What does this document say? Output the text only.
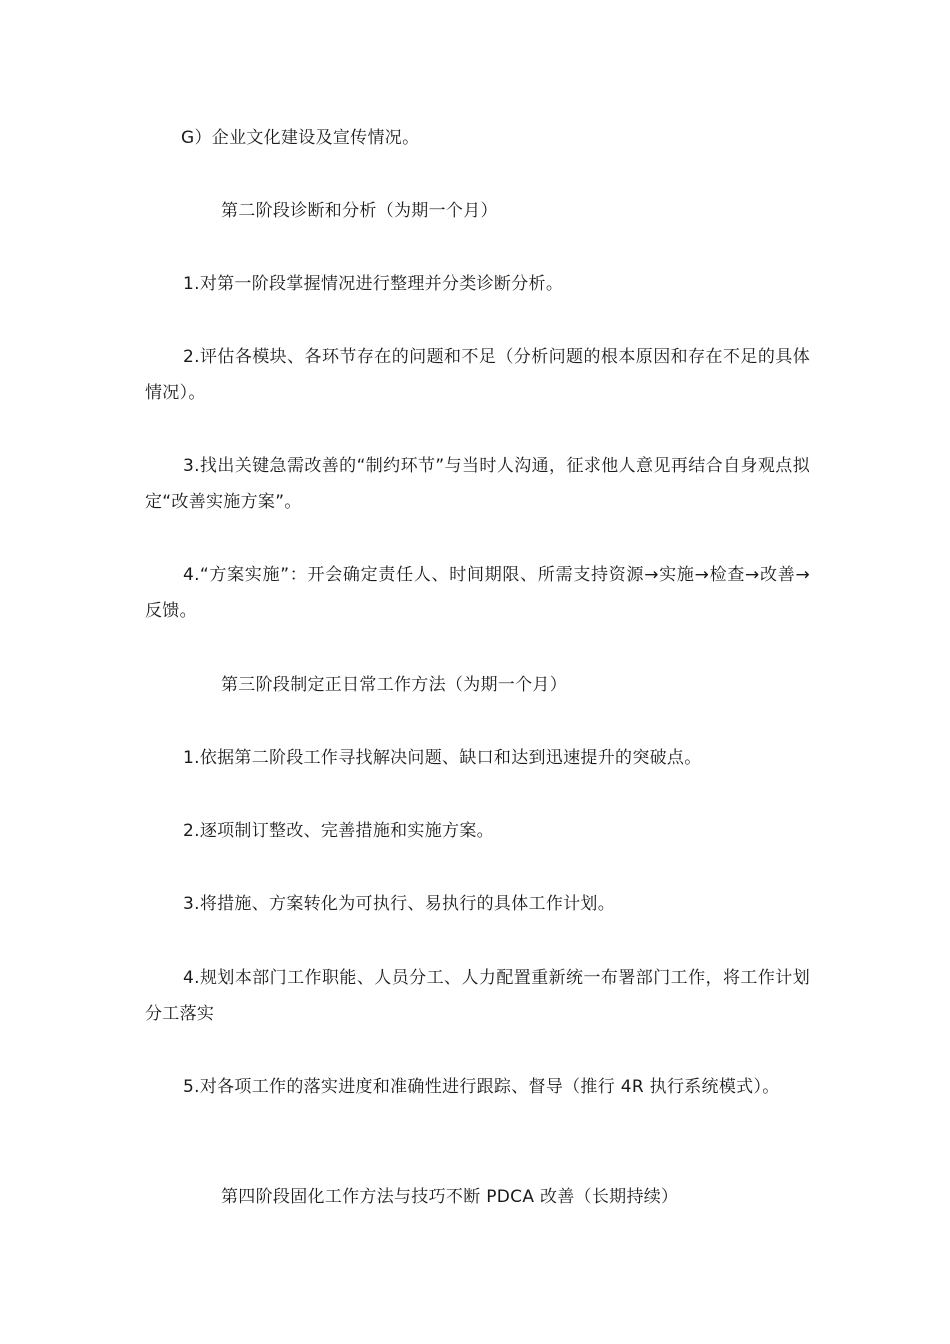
G）企业文化建设及宣传情况。

第二阶段诊断和分析（为期一个月）

1.对第一阶段掌握情况进行整理并分类诊断分析。

2.评估各模块、各环节存在的问题和不足（分析问题的根本原因和存在不足的具体情况）。

3.找出关键急需改善的“制约环节”与当时人沟通，征求他人意见再结合自身观点拟定“改善实施方案”。

4.“方案实施”：开会确定责任人、时间期限、所需支持资源→实施→检查→改善→反馈。

第三阶段制定正日常工作方法（为期一个月）

1.依据第二阶段工作寻找解决问题、缺口和达到迅速提升的突破点。

2.逐项制订整改、完善措施和实施方案。

3.将措施、方案转化为可执行、易执行的具体工作计划。

4.规划本部门工作职能、人员分工、人力配置重新统一布署部门工作，将工作计划分工落实

5.对各项工作的落实进度和准确性进行跟踪、督导（推行 4R 执行系统模式）。

第四阶段固化工作方法与技巧不断 PDCA 改善（长期持续）
